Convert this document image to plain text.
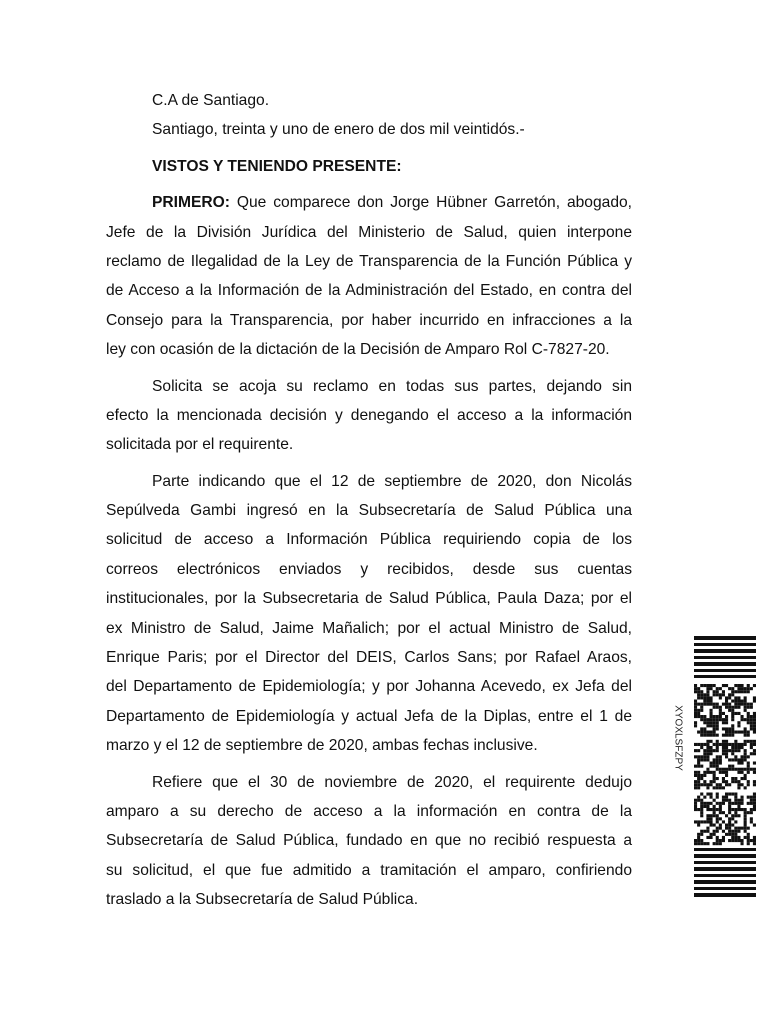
C.A de Santiago.

Santiago, treinta y uno de enero de dos mil veintidós.-

VISTOS Y TENIENDO PRESENTE:

PRIMERO: Que comparece don Jorge Hübner Garretón, abogado,
Jefe de la División Jurídica del Ministerio de Salud, quien interpone
reclamo de Ilegalidad de la Ley de Transparencia de la Función Pública y
de Acceso a la Información de la Administración del Estado, en contra del
Consejo para la Transparencia, por haber incurrido en infracciones a la
ley con ocasión de la dictación de la Decisión de Amparo Rol C-7827-20.
Solicita se acoja su reclamo en todas sus partes, dejando sin
efecto la mencionada decisión y denegando el acceso a la información
solicitada por el requirente.
Parte indicando que el 12 de septiembre de 2020, don Nicolás
Sepúlveda Gambi ingresó en la Subsecretaría de Salud Pública una
solicitud de acceso a Información Pública requiriendo copia de los
correos electrónicos enviados y recibidos, desde sus cuentas
institucionales, por la Subsecretaria de Salud Pública, Paula Daza; por el
ex Ministro de Salud, Jaime Mañalich; por el actual Ministro de Salud,
Enrique Paris; por el Director del DEIS, Carlos Sans; por Rafael Araos,
del Departamento de Epidemiología; y por Johanna Acevedo, ex Jefa del
Departamento de Epidemiología y actual Jefa de la Diplas, entre el 1 de
marzo y el 12 de septiembre de 2020, ambas fechas inclusive.
Refiere que el 30 de noviembre de 2020, el requirente dedujo
amparo a su derecho de acceso a la información en contra de la
Subsecretaría de Salud Pública, fundado en que no recibió respuesta a
su solicitud, el que fue admitido a tramitación el amparo, confiriendo
traslado a la Subsecretaría de Salud Pública.
XYOXLSFZPY
